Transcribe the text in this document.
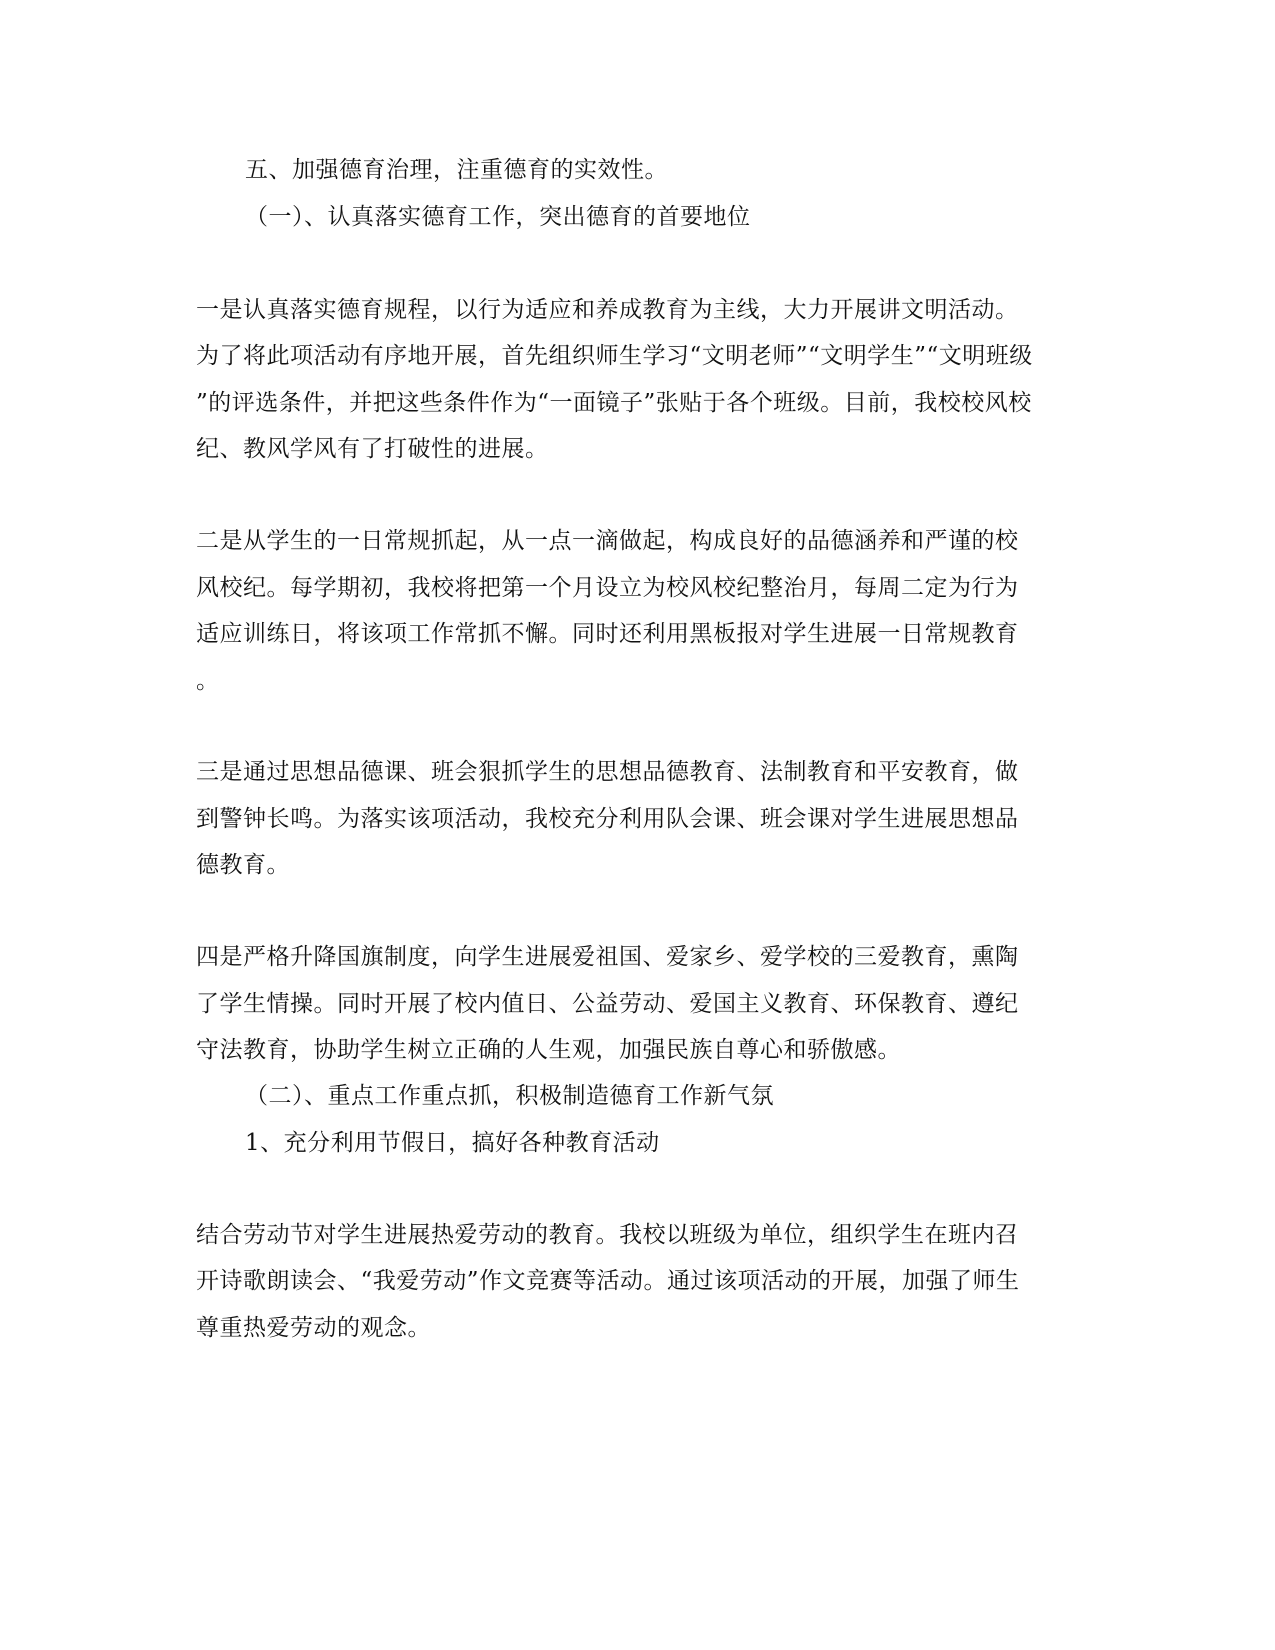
五、加强德育治理，注重德育的实效性。
（一）、认真落实德育工作，突出德育的首要地位
一是认真落实德育规程，以行为适应和养成教育为主线，大力开展讲文明活动。
为了将此项活动有序地开展，首先组织师生学习“文明老师”“文明学生”“文明班级
”的评选条件，并把这些条件作为“一面镜子”张贴于各个班级。目前，我校校风校
纪、教风学风有了打破性的进展。
二是从学生的一日常规抓起，从一点一滴做起，构成良好的品德涵养和严谨的校
风校纪。每学期初，我校将把第一个月设立为校风校纪整治月，每周二定为行为
适应训练日，将该项工作常抓不懈。同时还利用黑板报对学生进展一日常规教育
。
三是通过思想品德课、班会狠抓学生的思想品德教育、法制教育和平安教育，做
到警钟长鸣。为落实该项活动，我校充分利用队会课、班会课对学生进展思想品
德教育。
四是严格升降国旗制度，向学生进展爱祖国、爱家乡、爱学校的三爱教育，熏陶
了学生情操。同时开展了校内值日、公益劳动、爱国主义教育、环保教育、遵纪
守法教育，协助学生树立正确的人生观，加强民族自尊心和骄傲感。
（二）、重点工作重点抓，积极制造德育工作新气氛
1、充分利用节假日，搞好各种教育活动
结合劳动节对学生进展热爱劳动的教育。我校以班级为单位，组织学生在班内召
开诗歌朗读会、“我爱劳动”作文竞赛等活动。通过该项活动的开展，加强了师生
尊重热爱劳动的观念。
